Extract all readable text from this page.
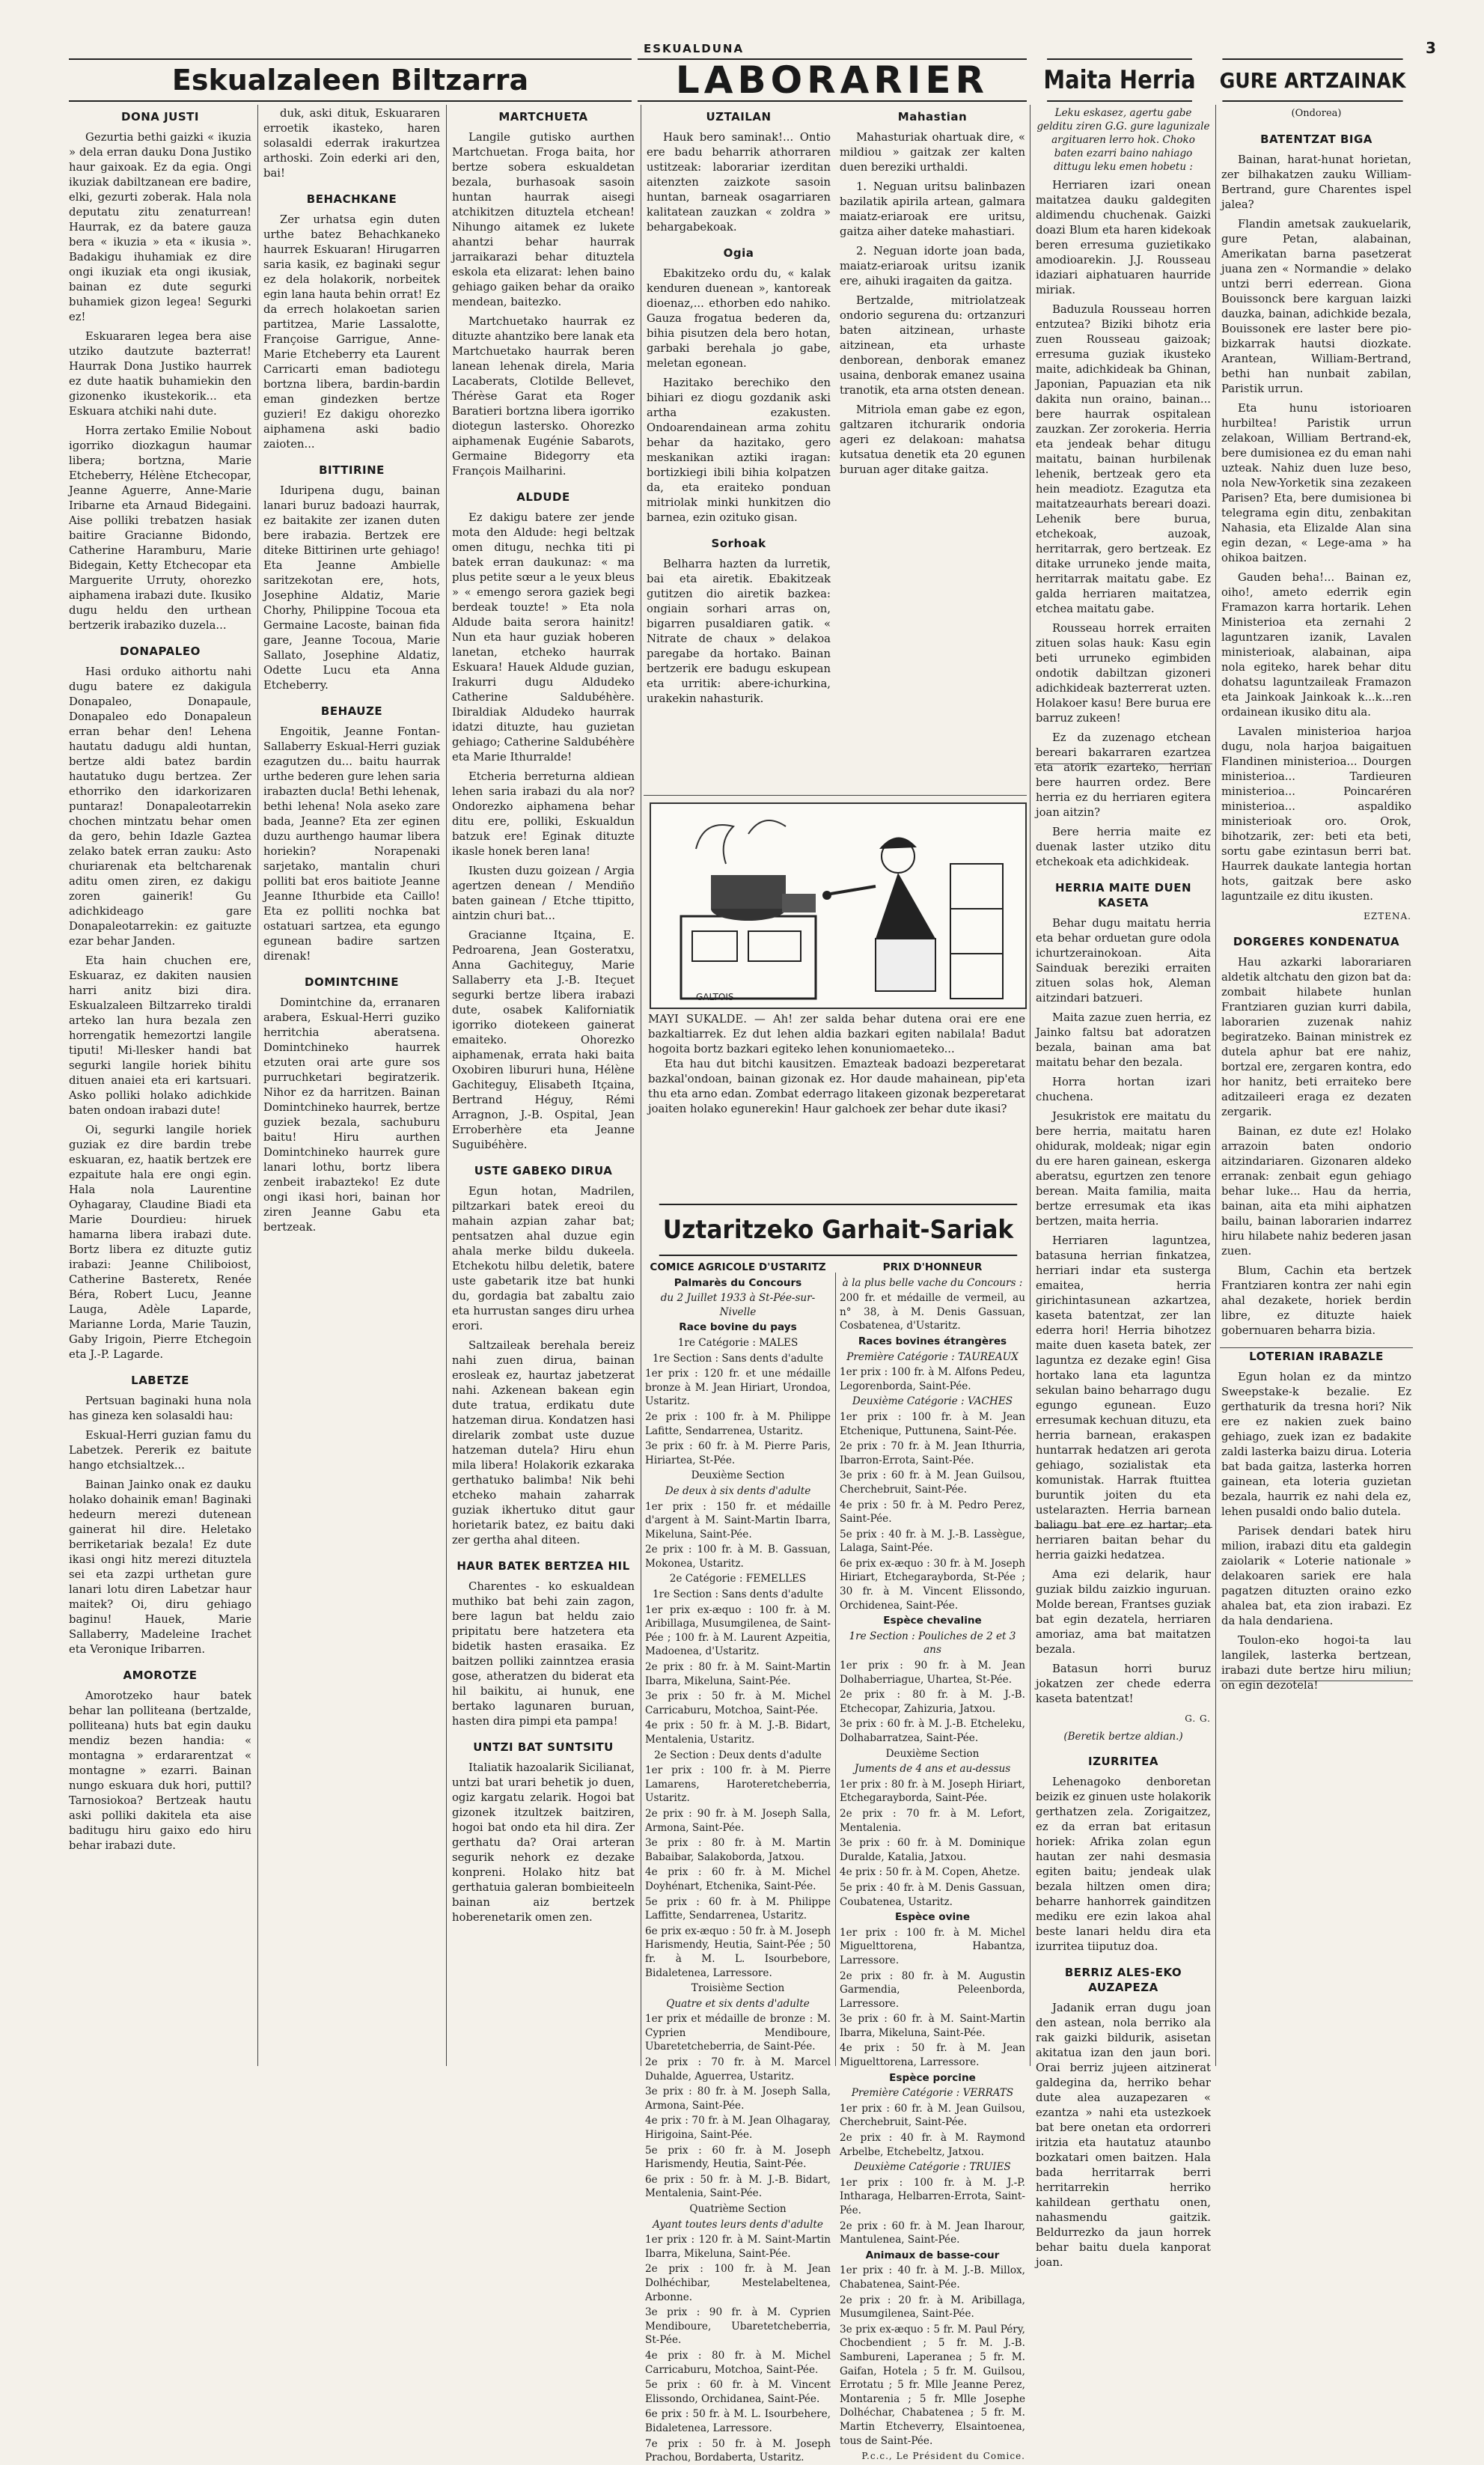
ESKUALDUNA	3
Eskualzaleen Biltzarra	LABORARIER	Maita Herria GURE ARTZAINAK
DONA JUSTI

Gezurtia bethi gaizki « ikuzia » dela erran dauku Dona Justiko haur gaixoak. Ez da egia. Ongi ikuziak dabiltzanean ere badire, elki, gezurti zoberak. Hala nola deputatu zitu zenaturrean! Haurrak, ez da batere gauza bera « ikuzia » eta « ikusia ». Badakigu ihuhamiak ez dire ongi ikuziak eta ongi ikusiak, bainan ez dute segurki buhamiek gizon legea! Segurki ez!

Eskuararen legea bera aise utziko dautzute bazterrat! Haurrak Dona Justiko haurrek ez dute haatik buhamiekin den gizonenko ikustekorik... eta Eskuara atchiki nahi dute.

Horra zertako Emilie Nobout igorriko diozkagun haumar libera; bortzna, Marie Etcheberry, Hélène Etchecopar, Jeanne Aguerre, Anne-Marie Iribarne eta Arnaud Bidegaini. Aise polliki trebatzen hasiak baitire Gracianne Bidondo, Catherine Haramburu, Marie Bidegain, Ketty Etchecopar eta Marguerite Urruty, ohorezko aiphamena irabazi dute. Ikusiko dugu heldu den urthean bertzerik irabaziko duzela...

DONAPALEO

Hasi orduko aithortu nahi dugu batere ez dakigula Donapaleo, Donapaule, Donapaleo edo Donapaleun erran behar den! Lehena hautatu dadugu aldi huntan, bertze aldi batez bardin hautatuko dugu bertzea. Zer ethorriko den idarkorizaren puntaraz! Donapaleotarrekin chochen mintzatu behar omen da gero, behin Idazle Gaztea zelako batek erran zauku: Asto churiarenak eta beltcharenak aditu omen ziren, ez dakigu zoren gainerik! Gu adichkideago gare Donapaleotarrekin: ez gaituzte ezar behar Janden.

Eta hain chuchen ere, Eskuaraz, ez dakiten nausien harri anitz bizi dira. Eskualzaleen Biltzarreko tiraldi arteko lan hura bezala zen horrengatik hemezortzi langile tiputi! Mi-llesker handi bat segurki langile horiek bihitu dituen anaiei eta eri kartsuari. Asko polliki holako adichkide baten ondoan irabazi dute!

Oi, segurki langile horiek guziak ez dire bardin trebe eskuaran, ez, haatik bertzek ere ezpaitute hala ere ongi egin. Hala nola Laurentine Oyhagaray, Claudine Biadi eta Marie Dourdieu: hiruek hamarna libera irabazi dute. Bortz libera ez dituzte gutiz irabazi: Jeanne Chiliboiost, Catherine Basteretx, Renée Béra, Robert Lucu, Jeanne Lauga, Adèle Laparde, Marianne Lorda, Marie Tauzin, Gaby Irigoin, Pierre Etchegoin eta J.-P. Lagarde.

LABETZE

Pertsuan baginaki huna nola has gineza ken solasaldi hau:

Eskual-Herri guzian famu du Labetzek. Pererik ez baitute hango etchsialtzek...

Bainan Jainko onak ez dauku holako dohainik eman! Baginaki hedeurn merezi dutenean gainerat hil dire. Heletako berriketariak bezala! Ez dute ikasi ongi hitz merezi dituztela sei eta zazpi urthetan gure lanari lotu diren Labetzar haur maitek? Oi, diru gehiago baginu! Hauek, Marie Sallaberry, Madeleine Irachet eta Veronique Iribarren.

AMOROTZE

Amorotzeko haur batek behar lan polliteana (bertzalde, polliteana) huts bat egin dauku mendiz bezen handia: « montagna » erdararentzat « montagne » ezarri. Bainan nungo eskuara duk hori, puttil? Tarnosiokoa? Bertzeak hautu aski polliki dakitela eta aise baditugu hiru gaixo edo hiru behar irabazi dute.

duk, aski dituk, Eskuararen erroetik ikasteko, haren solasaldi ederrak irakurtzea arthoski. Zoin ederki ari den, bai!

BEHACHKANE

Zer urhatsa egin duten urthe batez Behachkaneko haurrek Eskuaran! Hirugarren saria kasik, ez baginaki segur ez dela holakorik, norbeitek egin lana hauta behin orrat! Ez da errech holakoetan sarien partitzea, Marie Lassalotte, Françoise Garrigue, Anne-Marie Etcheberry eta Laurent Carricarti eman badiotegu bortzna libera, bardin-bardin eman gindezken bertze guzieri! Ez dakigu ohorezko aiphamena aski badio zaioten...

BITTIRINE

Iduripena dugu, bainan lanari buruz badoazi haurrak, ez baitakite zer izanen duten bere irabazia. Bertzek ere diteke Bittirinen urte gehiago! Eta Jeanne Ambielle saritzekotan ere, hots, Josephine Aldatiz, Marie Chorhy, Philippine Tocoua eta Germaine Lacoste, bainan fida gare, Jeanne Tocoua, Marie Sallato, Josephine Aldatiz, Odette Lucu eta Anna Etcheberry.

BEHAUZE

Engoitik, Jeanne Fontan-Sallaberry Eskual-Herri guziak ezagutzen du... baitu haurrak urthe bederen gure lehen saria irabazten ducla! Bethi lehenak, bethi lehena! Nola aseko zare bada, Jeanne? Eta zer eginen duzu aurthengo haumar libera horiekin? Norapenaki sarjetako, mantalin churi polliti bat eros baitiote Jeanne Jeanne Ithurbide eta Caillo! Eta ez polliti nochka bat ostatuari sartzea, eta egungo egunean badire sartzen direnak!

DOMINTCHINE

Domintchine da, erranaren arabera, Eskual-Herri guziko herritchia aberatsena. Domintchineko haurrek etzuten orai arte gure sos purruchketari begiratzerik. Nihor ez da harritzen. Bainan Domintchineko haurrek, bertze guziek bezala, sachuburu baitu! Hiru aurthen Domintchineko haurrek gure lanari lothu, bortz libera zenbeit irabazteko! Ez dute ongi ikasi hori, bainan hor ziren Jeanne Gabu eta bertzeak.

MARTCHUETA

Langile gutisko aurthen Martchuetan. Froga baita, hor bertze sobera eskualdetan bezala, burhasoak sasoin huntan haurrak aisegi atchikitzen dituztela etchean! Nihungo aitamek ez lukete ahantzi behar haurrak jarraikarazi behar dituztela eskola eta elizarat: lehen baino gehiago gaiken behar da oraiko mendean, baitezko.

Martchuetako haurrak ez dituzte ahantziko bere lanak eta Martchuetako haurrak beren lanean lehenak direla, Maria Lacaberats, Clotilde Bellevet, Thérèse Garat eta Roger Baratieri bortzna libera igorriko diotegun lastersko. Ohorezko aiphamenak Eugénie Sabarots, Germaine Bidegorry eta François Mailharini.

ALDUDE

Ez dakigu batere zer jende mota den Aldude: hegi beltzak omen ditugu, nechka titi pi batek erran daukunaz: « ma plus petite sœur a le yeux bleus » « emengo serora gaziek begi berdeak touzte! » Eta nola Aldude baita serora hainitz! Nun eta haur guziak hoberen lanetan, etcheko haurrak Eskuara! Hauek Aldude guzian, Irakurri dugu Aldudeko Catherine Saldubéhère. Ibiraldiak Aldudeko haurrak idatzi dituzte, hau guzietan gehiago; Catherine Saldubéhère eta Marie Ithurralde!

Etcheria berreturna aldiean lehen saria irabazi du ala nor? Ondorezko aiphamena behar ditu ere, polliki, Eskualdun batzuk ere! Eginak dituzte ikasle honek beren lana!

Ikusten duzu goizean / Argia agertzen denean / Mendiño baten gainean / Etche ttipitto, aintzin churi bat...

Gracianne Itçaina, E. Pedroarena, Jean Gosteratxu, Anna Gachiteguy, Marie Sallaberry eta J.-B. Iteçuet segurki bertze libera irabazi dute, osabek Kaliforniatik igorriko diotekeen gainerat emaiteko. Ohorezko aiphamenak, errata haki baita Oxobiren libururi huna, Hélène Gachiteguy, Elisabeth Itçaina, Bertrand Héguy, Rémi Arragnon, J.-B. Ospital, Jean Erroberhère eta Jeanne Suguibéhère.

USTE GABEKO DIRUA

Egun hotan, Madrilen, piltzarkari batek ereoi du mahain azpian zahar bat; pentsatzen ahal duzue egin ahala merke bildu dukeela. Etchekotu hilbu deletik, batere uste gabetarik itze bat hunki du, gordagia bat zabaltu zaio eta hurrustan sanges diru urhea erori.

Saltzaileak berehala bereiz nahi zuen dirua, bainan erosleak ez, haurtaz jabetzerat nahi. Azkenean bakean egin dute tratua, erdikatu dute hatzeman dirua. Kondatzen hasi direlarik zombat uste duzue hatzeman dutela? Hiru ehun mila libera! Holakorik ezkaraka gerthatuko balimba! Nik behi etcheko mahain zaharrak guziak ikhertuko ditut gaur horietarik batez, ez baitu daki zer gertha ahal diteen.

HAUR BATEK BERTZEA HIL

Charentes - ko eskualdean muthiko bat behi zain zagon, bere lagun bat heldu zaio pripitatu bere hatzetera eta bidetik hasten erasaika. Ez baitzen polliki zainntzea erasia gose, atheratzen du biderat eta hil baikitu, ai hunuk, ene bertako lagunaren buruan, hasten dira pimpi eta pampa!

UNTZI BAT SUNTSITU

Italiatik hazoalarik Sicilianat, untzi bat urari behetik jo duen, ogiz kargatu zelarik. Hogoi bat gizonek itzultzek baitziren, hogoi bat ondo eta hil dira. Zer gerthatu da? Orai arteran segurik nehork ez dezake konpreni. Holako hitz bat gerthatuia galeran bombieiteeln bainan aiz bertzek hoberenetarik omen zen.

UZTAILAN

Hauk bero saminak!... Ontio ere badu beharrik athorraren ustitzeak: laborariar izerditan aitenzten zaizkote sasoin huntan, barneak osagarriaren kalitatean zauzkan « zoldra » behargabekoak.

Ogia

Ebakitzeko ordu du, « kalak kenduren duenean », kantoreak dioenaz,... ethorben edo nahiko. Gauza frogatua bederen da, bihia pisutzen dela bero hotan, garbaki berehala jo gabe, meletan egonean.

Hazitako berechiko den bihiari ez diogu gozdanik aski artha ezakusten. Ondoarendainean arma zohitu behar da hazitako, gero meskanikan aztiki iragan: bortizkiegi ibili bihia kolpatzen da, eta eraiteko ponduan mitriolak minki hunkitzen dio barnea, ezin ozituko gisan.

Sorhoak

Belharra hazten da lurretik, bai eta airetik. Ebakitzeak gutitzen dio airetik bazkea: ongiain sorhari arras on, bigarren pusaldiaren gatik. « Nitrate de chaux » delakoa paregabe da hortako. Bainan bertzerik ere badugu eskupean eta urritik: abere-ichurkina, urakekin nahasturik.

Mahastian

Mahasturiak ohartuak dire, « mildiou » gaitzak zer kalten duen bereziki urthaldi.

1. Neguan uritsu balinbazen bazilatik apirila artean, galmara maiatz-eriaroak ere uritsu, gaitza aiher dateke mahastiari.

2. Neguan idorte joan bada, maiatz-eriaroak uritsu izanik ere, aihuki iragaiten da gaitza.

Bertzalde, mitriolatzeak ondorio segurena du: ortzanzuri baten aitzinean, urhaste aitzinean, eta urhaste denborean, denborak emanez usaina, denborak emanez usaina tranotik, eta arna otsten denean.

Mitriola eman gabe ez egon, galtzaren itchurarik ondoria ageri ez delakoan: mahatsa kutsatua denetik eta 20 egunen buruan ager ditake gaitza.

GALTOIS

MAYI SUKALDE. — Ah! zer salda behar dutena orai ere ene bazkaltiarrek. Ez dut lehen aldia bazkari egiten nabilala! Badut hogoita bortz bazkari egiteko lehen konuniomaeteko...

Eta hau dut bitchi kausitzen. Emazteak badoazi bezperetarat bazkal'ondoan, bainan gizonak ez. Hor daude mahainean, pip'eta thu eta arno edan. Zombat ederrago litakeen gizonak bezperetarat joaiten holako egunerekin! Haur galchoek zer behar dute ikasi?

Uztaritzeko Garhait-Sariak

COMICE AGRICOLE D'USTARITZ

Palmarès du Concours

du 2 Juillet 1933 à St-Pée-sur-Nivelle

Race bovine du pays

1re Catégorie : MALES

1re Section : Sans dents d'adulte

1er prix : 120 fr. et une médaille bronze à M. Jean Hiriart, Urondoa, Ustaritz.

2e prix : 100 fr. à M. Philippe Lafitte, Sendarrenea, Ustaritz.

3e prix : 60 fr. à M. Pierre Paris, Hiriartea, St-Pée.

Deuxième Section

De deux à six dents d'adulte

1er prix : 150 fr. et médaille d'argent à M. Saint-Martin Ibarra, Mikeluna, Saint-Pée.

2e prix : 100 fr. à M. B. Gassuan, Mokonea, Ustaritz.

2e Catégorie : FEMELLES

1re Section : Sans dents d'adulte

1er prix ex-æquo : 100 fr. à M. Aribillaga, Musumgilenea, de Saint-Pée ; 100 fr. à M. Laurent Azpeitia, Madoenea, d'Ustaritz.

2e prix : 80 fr. à M. Saint-Martin Ibarra, Mikeluna, Saint-Pée.

3e prix : 50 fr. à M. Michel Carricaburu, Motchoa, Saint-Pée.

4e prix : 50 fr. à M. J.-B. Bidart, Mentalenia, Ustaritz.

2e Section : Deux dents d'adulte

1er prix : 100 fr. à M. Pierre Lamarens, Haroteretcheberria, Ustaritz.

2e prix : 90 fr. à M. Joseph Salla, Armona, Saint-Pée.

3e prix : 80 fr. à M. Martin Babaibar, Salakoborda, Jatxou.

4e prix : 60 fr. à M. Michel Doyhénart, Etchenika, Saint-Pée.

5e prix : 60 fr. à M. Philippe Laffitte, Sendarrenea, Ustaritz.

6e prix ex-æquo : 50 fr. à M. Joseph Harismendy, Heutia, Saint-Pée ; 50 fr. à M. L. Isourbebore, Bidaletenea, Larressore.

Troisième Section

Quatre et six dents d'adulte

1er prix et médaille de bronze : M. Cyprien Mendiboure, Ubaretetcheberria, de Saint-Pée.

2e prix : 70 fr. à M. Marcel Duhalde, Aguerrea, Ustaritz.

3e prix : 80 fr. à M. Joseph Salla, Armona, Saint-Pée.

4e prix : 70 fr. à M. Jean Olhagaray, Hirigoina, Saint-Pée.

5e prix : 60 fr. à M. Joseph Harismendy, Heutia, Saint-Pée.

6e prix : 50 fr. à M. J.-B. Bidart, Mentalenia, Saint-Pée.

Quatrième Section

Ayant toutes leurs dents d'adulte

1er prix : 120 fr. à M. Saint-Martin Ibarra, Mikeluna, Saint-Pée.

2e prix : 100 fr. à M. Jean Dolhéchibar, Mestelabeltenea, Arbonne.

3e prix : 90 fr. à M. Cyprien Mendiboure, Ubaretetcheberria, St-Pée.

4e prix : 80 fr. à M. Michel Carricaburu, Motchoa, Saint-Pée.

5e prix : 60 fr. à M. Vincent Elissondo, Orchidanea, Saint-Pée.

6e prix : 50 fr. à M. L. Isourbehere, Bidaletenea, Larressore.

7e prix : 50 fr. à M. Joseph Prachou, Bordaberta, Ustaritz.

PRIX D'HONNEUR

à la plus belle vache du Concours :

200 fr. et médaille de vermeil, au n° 38, à M. Denis Gassuan, Cosbatenea, d'Ustaritz.

Races bovines étrangères

Première Catégorie : TAUREAUX

1er prix : 100 fr. à M. Alfons Pedeu, Legorenborda, Saint-Pée.

Deuxième Catégorie : VACHES

1er prix : 100 fr. à M. Jean Etchenique, Puttunena, Saint-Pée.

2e prix : 70 fr. à M. Jean Ithurria, Ibarron-Errota, Saint-Pée.

3e prix : 60 fr. à M. Jean Guilsou, Cherchebruit, Saint-Pée.

4e prix : 50 fr. à M. Pedro Perez, Saint-Pée.

5e prix : 40 fr. à M. J.-B. Lassègue, Lalaga, Saint-Pée.

6e prix ex-æquo : 30 fr. à M. Joseph Hiriart, Etchegarayborda, St-Pée ; 30 fr. à M. Vincent Elissondo, Orchidenea, Saint-Pée.

Espèce chevaline

1re Section : Pouliches de 2 et 3 ans

1er prix : 90 fr. à M. Jean Dolhaberriague, Uhartea, St-Pée.

2e prix : 80 fr. à M. J.-B. Etchecopar, Zahizuria, Jatxou.

3e prix : 60 fr. à M. J.-B. Etcheleku, Dolhabarratzea, Saint-Pée.

Deuxième Section

Juments de 4 ans et au-dessus

1er prix : 80 fr. à M. Joseph Hiriart, Etchegarayborda, Saint-Pée.

2e prix : 70 fr. à M. Lefort, Mentalenia.

3e prix : 60 fr. à M. Dominique Duralde, Katalia, Jatxou.

4e prix : 50 fr. à M. Copen, Ahetze.

5e prix : 40 fr. à M. Denis Gassuan, Coubatenea, Ustaritz.

Espèce ovine

1er prix : 100 fr. à M. Michel Miguelttorena, Habantza, Larressore.

2e prix : 80 fr. à M. Augustin Garmendia, Peleenborda, Larressore.

3e prix : 60 fr. à M. Saint-Martin Ibarra, Mikeluna, Saint-Pée.

4e prix : 50 fr. à M. Jean Miguelttorena, Larressore.

Espèce porcine

Première Catégorie : VERRATS

1er prix : 60 fr. à M. Jean Guilsou, Cherchebruit, Saint-Pée.

2e prix : 40 fr. à M. Raymond Arbelbe, Etchebeltz, Jatxou.

Deuxième Catégorie : TRUIES

1er prix : 100 fr. à M. J.-P. Intharaga, Helbarren-Errota, Saint-Pée.

2e prix : 60 fr. à M. Jean Iharour, Mantulenea, Saint-Pée.

Animaux de basse-cour

1er prix : 40 fr. à M. J.-B. Millox, Chabatenea, Saint-Pée.

2e prix : 20 fr. à M. Aribillaga, Musumgilenea, Saint-Pée.

3e prix ex-æquo : 5 fr. M. Paul Péry, Chocbendient ; 5 fr. M. J.-B. Sambureni, Laperanea ; 5 fr. M. Gaifan, Hotela ; 5 fr. M. Guilsou, Errotatu ; 5 fr. Mlle Jeanne Perez, Montarenia ; 5 fr. Mlle Josephe Dolhéchar, Chabatenea ; 5 fr. M. Martin Etcheverry, Elsaintoenea, tous de Saint-Pée.

P.c.c., Le Président du Comice.

Leku eskasez, agertu gabe gelditu ziren G.G. gure lagunizale argituaren lerro hok. Choko baten ezarri baino nahiago dittugu leku emen hobetu :

Herriaren izari onean maitatzea dauku galdegiten aldimendu chuchenak. Gaizki doazi Blum eta haren kidekoak beren erresuma guzietikako amodioarekin. J.J. Rousseau idaziari aiphatuaren haurride miriak.

Baduzula Rousseau horren entzutea? Biziki bihotz eria zuen Rousseau gaizoak; erresuma guziak ikusteko maite, adichkideak ba Ghinan, Japonian, Papuazian eta nik dakita nun oraino, bainan... bere haurrak ospitalean zauzkan. Zer zorokeria. Herria eta jendeak behar ditugu maitatu, bainan hurbilenak lehenik, bertzeak gero eta hein meadiotz. Ezagutza eta maitatzeaurhats bereari doazi. Lehenik bere burua, etchekoak, auzoak, herritarrak, gero bertzeak. Ez ditake urruneko jende maita, herritarrak maitatu gabe. Ez galda herriaren maitatzea, etchea maitatu gabe.

Rousseau horrek erraiten zituen solas hauk: Kasu egin beti urruneko egimbiden ondotik dabiltzan gizoneri adichkideak bazterrerat uzten. Holakoer kasu! Bere burua ere barruz zukeen!

Ez da zuzenago etchean bereari bakarraren ezartzea eta atorik ezarteko, herrian bere haurren ordez. Bere herria ez du herriaren egitera joan aitzin?

Bere herria maite ez duenak laster utziko ditu etchekoak eta adichkideak.

HERRIA MAITE DUEN KASETA

Behar dugu maitatu herria eta behar orduetan gure odola ichurtzerainokoan. Aita Sainduak bereziki erraiten zituen solas hok, Aleman aitzindari batzueri.

Maita zazue zuen herria, ez Jainko faltsu bat adoratzen bezala, bainan ama bat maitatu behar den bezala.

Horra hortan izari chuchena.

Jesukristok ere maitatu du bere herria, maitatu haren ohidurak, moldeak; nigar egin du ere haren gainean, eskerga aberatsu, egurtzen zen tenore berean. Maita familia, maita bertze erresumak eta ikas bertzen, maita herria.

Herriaren laguntzea, batasuna herrian finkatzea, herriari indar eta susterga emaitea, herria girichintasunean azkartzea, kaseta batentzat, zer lan ederra hori! Herria bihotzez maite duen kaseta batek, zer laguntza ez dezake egin! Gisa hortako lana eta laguntza sekulan baino beharrago dugu egungo egunean. Euzo erresumak kechuan dituzu, eta herria barnean, erakaspen huntarrak hedatzen ari gerota gehiago, sozialistak eta komunistak. Harrak ftuittea buruntik joiten du eta ustelarazten. Herria barnean baliagu bat ere ez hartar; eta herriaren baitan behar du herria gaizki hedatzea.

Ama ezi delarik, haur guziak bildu zaizkio inguruan. Molde berean, Frantses guziak bat egin dezatela, herriaren amoriaz, ama bat maitatzen bezala.

Batasun horri buruz jokatzen zer chede ederra kaseta batentzat!

G. G.

(Beretik bertze aldian.)

IZURRITEA

Lehenagoko denboretan beizik ez ginuen uste holakorik gerthatzen zela. Zorigaitzez, ez da erran bat eritasun horiek: Afrika zolan egun hautan zer nahi desmasia egiten baitu; jendeak ulak bezala hiltzen omen dira; beharre hanhorrek gainditzen mediku ere ezin lakoa ahal beste lanari heldu dira eta izurritea tiiputuz doa.

BERRIZ ALES-EKO AUZAPEZA

Jadanik erran dugu joan den astean, nola berriko ala rak gaizki bildurik, asisetan akitatua izan den jaun bori. Orai berriz jujeen aitzinerat galdegina da, herriko behar dute alea auzapezaren « ezantza » nahi eta ustezkoek bat bere onetan eta ordorreri iritzia eta hautatuz ataunbo bozkatari omen baitzen. Hala bada herritarrak berri herritarrekin herriko kahildean gerthatu onen, nahasmendu gaitzik. Beldurrezko da jaun horrek behar baitu duela kanporat joan.

(Ondorea)

BATENTZAT BIGA

Bainan, harat-hunat horietan, zer bilhakatzen zauku William-Bertrand, gure Charentes ispel jalea?

Flandin ametsak zaukuelarik, gure Petan, alabainan, Amerikatan barna pasetzerat juana zen « Normandie » delako untzi berri ederrean. Giona Bouissonck bere karguan laizki dauzka, bainan, adichkide bezala, Bouissonek ere laster bere pio-bizkarrak hautsi diozkate. Arantean, William-Bertrand, bethi han nunbait zabilan, Paristik urrun.

Eta hunu istorioaren hurbiltea! Paristik urrun zelakoan, William Bertrand-ek, bere dumisionea ez du eman nahi uzteak. Nahiz duen luze beso, nola New-Yorketik sina zezakeen Parisen? Eta, bere dumisionea bi telegrama egin ditu, zenbakitan Nahasia, eta Elizalde Alan sina egin dezan, « Lege-ama » ha ohikoa baitzen.

Gauden beha!... Bainan ez, oiho!, ameto ederrik egin Framazon karra hortarik. Lehen Ministerioa eta zernahi 2 laguntzaren izanik, Lavalen ministerioak, alabainan, aipa nola egiteko, harek behar ditu dohatsu laguntzaileak Framazon eta Jainkoak Jainkoak k...k...ren ordainean ikusiko ditu ala.

Lavalen ministerioa harjoa dugu, nola harjoa baigaituen Flandinen ministerioa... Dourgen ministerioa... Tardieuren ministerioa... Poincaréren ministerioa... aspaldiko ministerioak oro. Orok, bihotzarik, zer: beti eta beti, sortu gabe ezintasun berri bat. Haurrek daukate lantegia hortan hots, gaitzak bere asko laguntzaile ez ditu ikusten.

EZTENA.

DORGERES KONDENATUA

Hau azkarki laborariaren aldetik altchatu den gizon bat da: zombait hilabete hunlan Frantziaren guzian kurri dabila, laborarien zuzenak nahiz begiratzeko. Bainan ministrek ez dutela aphur bat ere nahiz, bortzal ere, zergaren kontra, edo hor hanitz, beti erraiteko bere aditzaileeri eraga ez dezaten zergarik.

Bainan, ez dute ez! Holako arrazoin baten ondorio aitzindariaren. Gizonaren aldeko erranak: zenbait egun gehiago behar luke... Hau da herria, bainan, aita eta mihi aiphatzen bailu, bainan laborarien indarrez hiru hilabete nahiz bederen jasan zuen.

Blum, Cachin eta bertzek Frantziaren kontra zer nahi egin ahal dezakete, horiek berdin libre, ez dituzte haiek gobernuaren beharra bizia.

LOTERIAN IRABAZLE

Egun holan ez da mintzo Sweepstake-k bezalie. Ez gerthaturik da tresna hori? Nik ere ez nakien zuek baino gehiago, zuek izan ez badakite zaldi lasterka baizu dirua. Loteria bat bada gaitza, lasterka horren gainean, eta loteria guzietan bezala, haurrik ez nahi dela ez, lehen pusaldi ondo balio dutela.

Parisek dendari batek hiru milion, irabazi ditu eta galdegin zaiolarik « Loterie nationale » delakoaren sariek ere hala pagatzen dituzten oraino ezko ahalea bat, eta zion irabazi. Ez da hala dendariena.

Toulon-eko hogoi-ta lau langilek, lasterka bertzean, irabazi dute bertze hiru miliun; on egin dezotela!
